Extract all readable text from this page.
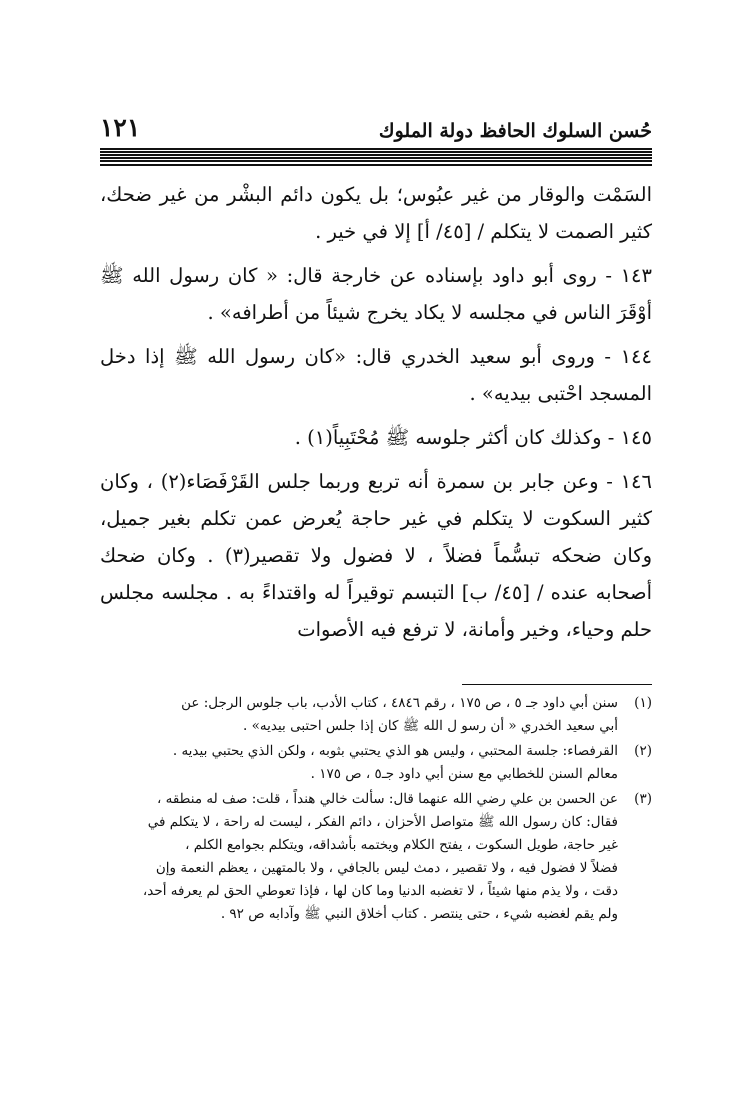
حُسن السلوك الحافظ دولة الملوك
١٢١

السَمْت والوقار من غير عبُوس؛ بل يكون دائم البشْر من غير ضحك، كثير الصمت لا يتكلم / [٤٥/ أ] إلا في خير .

١٤٣ - روى أبو داود بإسناده عن خارجة قال: « كان رسول الله ﷺ أوْقَرَ الناس في مجلسه لا يكاد يخرج شيئاً من أطرافه» .

١٤٤ - وروى أبو سعيد الخدري قال: «كان رسول الله ﷺ إذا دخل المسجد احْتبى بيديه» .

١٤٥ - وكذلك كان أكثر جلوسه ﷺ مُحْتَبِياً(١) .

١٤٦ - وعن جابر بن سمرة أنه تربع وربما جلس القَرْفَصَاء(٢) ، وكان كثير السكوت لا يتكلم في غير حاجة يُعرض عمن تكلم بغير جميل، وكان ضحكه تبسُّماً فضلاً ، لا فضول ولا تقصير(٣) . وكان ضحك أصحابه عنده / [٤٥/ ب] التبسم توقيراً له واقتداءً به . مجلسه مجلس حلم وحياء، وخير وأمانة، لا ترفع فيه الأصوات

(١)
سنن أبي داود جـ ٥ ، ص ١٧٥ ، رقم ٤٨٤٦ ، كتاب الأدب، باب جلوس الرجل: عن
أبي سعيد الخدري « أن رسو ل الله ﷺ كان إذا جلس احتبى بيديه» .
(٢)
القرفصاء: جلسة المحتبي ، وليس هو الذي يحتبي بثوبه ، ولكن الذي يحتبي بيديه .
معالم السنن للخطابي مع سنن أبي داود جـ٥ ، ص ١٧٥ .
(٣)
عن الحسن بن علي رضي الله عنهما قال: سألت خالي هنداً ، قلت: صف له منطقه ،
فقال: كان رسول الله ﷺ متواصل الأحزان ، دائم الفكر ، ليست له راحة ، لا يتكلم في
غير حاجة، طويل السكوت ، يفتح الكلام ويختمه بأشداقه، ويتكلم بجوامع الكلم ،
فضلاً لا فضول فيه ، ولا تقصير ، دمث ليس بالجافي ، ولا بالمتهين ، يعظم النعمة وإن
دقت ، ولا يذم منها شيئاً ، لا تغضبه الدنيا وما كان لها ، فإذا تعوطي الحق لم يعرفه أحد،
ولم يقم لغضبه شيء ، حتى ينتصر . كتاب أخلاق النبي ﷺ وآدابه ص ٩٢ .
